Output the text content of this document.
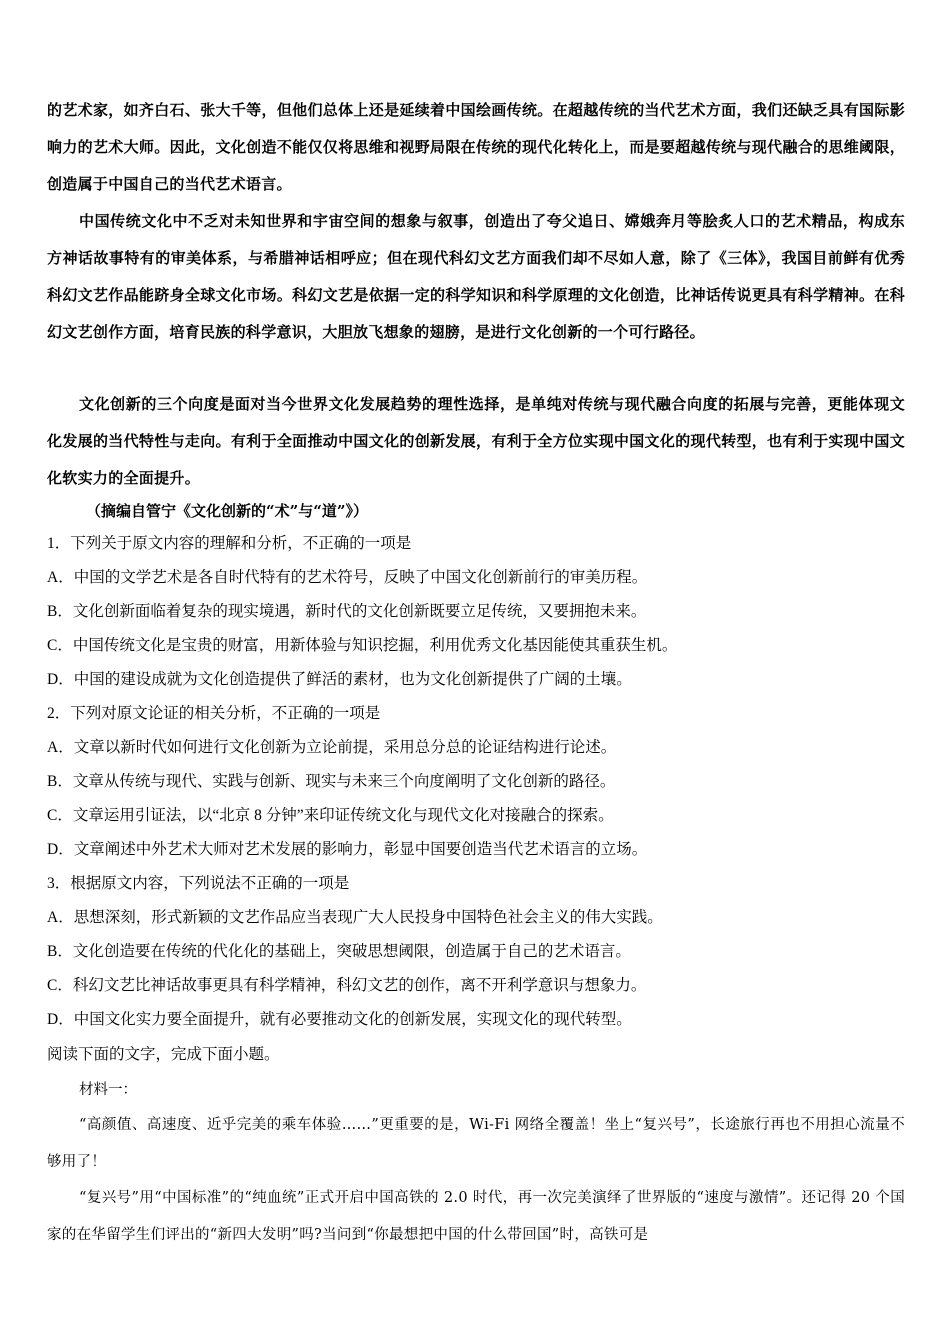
的艺术家，如齐白石、张大千等，但他们总体上还是延续着中国绘画传统。在超越传统的当代艺术方面，我们还缺乏具有国际影响力的艺术大师。因此，文化创造不能仅仅将思维和视野局限在传统的现代化转化上，而是要超越传统与现代融合的思维阈限，创造属于中国自己的当代艺术语言。

中国传统文化中不乏对未知世界和宇宙空间的想象与叙事，创造出了夸父追日、嫦娥奔月等脍炙人口的艺术精品，构成东方神话故事特有的审美体系，与希腊神话相呼应；但在现代科幻文艺方面我们却不尽如人意，除了《三体》，我国目前鲜有优秀科幻文艺作品能跻身全球文化市场。科幻文艺是依据一定的科学知识和科学原理的文化创造，比神话传说更具有科学精神。在科幻文艺创作方面，培育民族的科学意识，大胆放飞想象的翅膀，是进行文化创新的一个可行路径。

文化创新的三个向度是面对当今世界文化发展趋势的理性选择，是单纯对传统与现代融合向度的拓展与完善，更能体现文化发展的当代特性与走向。有利于全面推动中国文化的创新发展，有利于全方位实现中国文化的现代转型，也有利于实现中国文化软实力的全面提升。

（摘编自管宁《文化创新的“术”与“道”》）

1．下列关于原文内容的理解和分析，不正确的一项是

A．中国的文学艺术是各自时代特有的艺术符号，反映了中国文化创新前行的审美历程。

B．文化创新面临着复杂的现实境遇，新时代的文化创新既要立足传统，又要拥抱未来。

C．中国传统文化是宝贵的财富，用新体验与知识挖掘，利用优秀文化基因能使其重获生机。

D．中国的建设成就为文化创造提供了鲜活的素材，也为文化创新提供了广阔的土壤。

2．下列对原文论证的相关分析，不正确的一项是

A．文章以新时代如何进行文化创新为立论前提，采用总分总的论证结构进行论述。

B．文章从传统与现代、实践与创新、现实与未来三个向度阐明了文化创新的路径。

C．文章运用引证法，以“北京 8 分钟”来印证传统文化与现代文化对接融合的探索。

D．文章阐述中外艺术大师对艺术发展的影响力，彰显中国要创造当代艺术语言的立场。

3．根据原文内容，下列说法不正确的一项是

A．思想深刻，形式新颖的文艺作品应当表现广大人民投身中国特色社会主义的伟大实践。

B．文化创造要在传统的代化化的基础上，突破思想阈限，创造属于自己的艺术语言。

C．科幻文艺比神话故事更具有科学精神，科幻文艺的创作，离不开利学意识与想象力。

D．中国文化实力要全面提升，就有必要推动文化的创新发展，实现文化的现代转型。

阅读下面的文字，完成下面小题。

材料一：

“高颜值、高速度、近乎完美的乘车体验……”更重要的是，Wi-Fi 网络全覆盖！坐上“复兴号”，长途旅行再也不用担心流量不够用了！

“复兴号”用“中国标准”的“纯血统”正式开启中国高铁的 2.0 时代，再一次完美演绎了世界版的“速度与激情”。还记得 20 个国家的在华留学生们评出的“新四大发明”吗?当问到“你最想把中国的什么带回国”时，高铁可是
